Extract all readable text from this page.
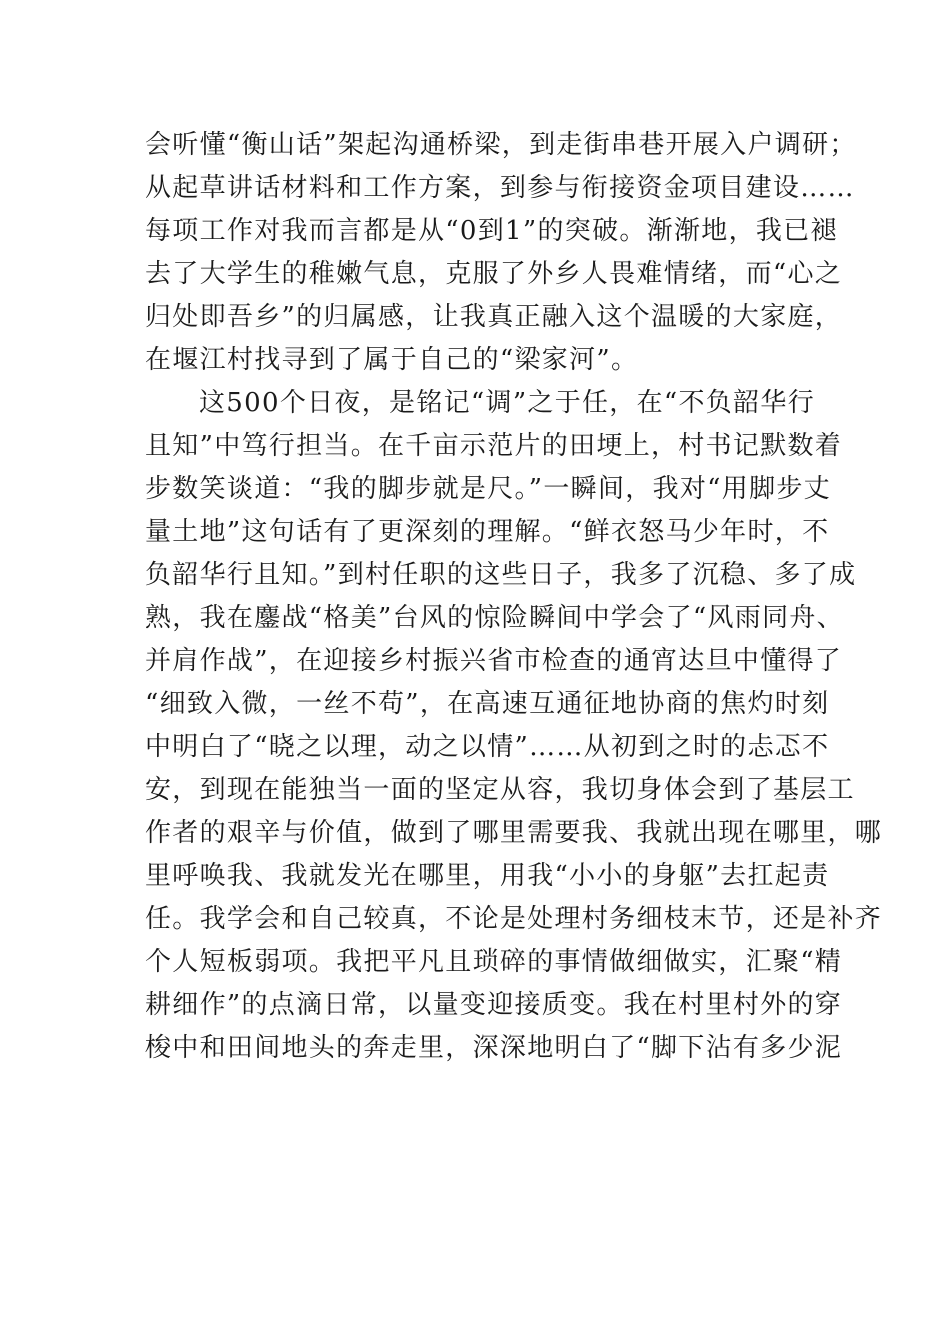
会听懂“衡山话”架起沟通桥梁，到走街串巷开展入户调研；
从起草讲话材料和工作方案，到参与衔接资金项目建设……
每项工作对我而言都是从“0到1”的突破。渐渐地，我已褪
去了大学生的稚嫩气息，克服了外乡人畏难情绪，而“心之
归处即吾乡”的归属感，让我真正融入这个温暖的大家庭，
在堰江村找寻到了属于自己的“梁家河”。
这500个日夜，是铭记“调”之于任，在“不负韶华行
且知”中笃行担当。在千亩示范片的田埂上，村书记默数着
步数笑谈道：“我的脚步就是尺。”一瞬间，我对“用脚步丈
量土地”这句话有了更深刻的理解。“鲜衣怒马少年时，不
负韶华行且知。”到村任职的这些日子，我多了沉稳、多了成
熟，我在鏖战“格美”台风的惊险瞬间中学会了“风雨同舟、
并肩作战”，在迎接乡村振兴省市检查的通宵达旦中懂得了
“细致入微，一丝不苟”，在高速互通征地协商的焦灼时刻
中明白了“晓之以理，动之以情”……从初到之时的忐忑不
安，到现在能独当一面的坚定从容，我切身体会到了基层工
作者的艰辛与价值，做到了哪里需要我、我就出现在哪里，哪
里呼唤我、我就发光在哪里，用我“小小的身躯”去扛起责
任。我学会和自己较真，不论是处理村务细枝末节，还是补齐
个人短板弱项。我把平凡且琐碎的事情做细做实，汇聚“精
耕细作”的点滴日常，以量变迎接质变。我在村里村外的穿
梭中和田间地头的奔走里，深深地明白了“脚下沾有多少泥
